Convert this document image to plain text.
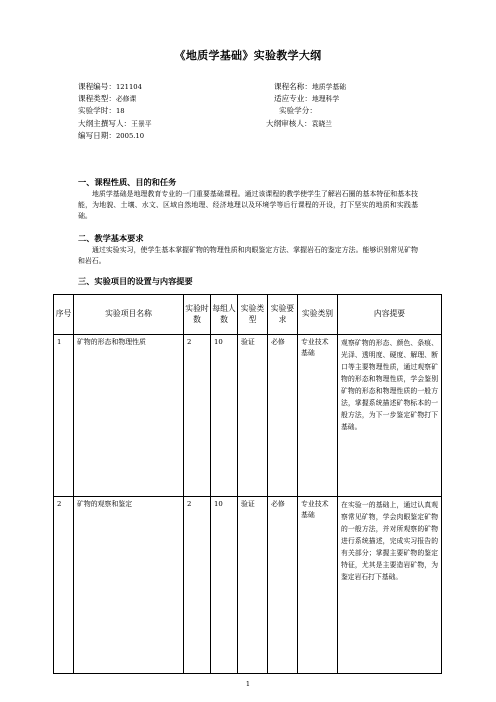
《地质学基础》实验教学大纲
课程编号：121104	课程名称：地质学基础
课程类型：必修课	适应专业：地理科学
实验学时：18	实验学分：
大纲主撰写人：王景平	大纲审核人：袁晓兰
编写日期：2005.10
一、课程性质、目的和任务
地质学基础是地理教育专业的一门重要基础课程。通过该课程的教学使学生了解岩石圈的基本特征和基本技能，为地貌、土壤、水文、区域自然地理、经济地理以及环境学等后行课程的开设，打下坚实的地质和实践基础。
二、教学基本要求
通过实验实习，使学生基本掌握矿物的物理性质和肉眼鉴定方法、掌握岩石的鉴定方法。能够识别常见矿物和岩石。
三、实验项目的设置与内容提要
序号	实验项目名称	实验时数	每组人数	实验类型	实验要求	实验类别	内容提要
1	矿物的形态和物理性质	2	10	验证	必修	专业技术基础	观察矿物的形态、颜色、条痕、光泽、透明度、硬度、解理、断口等主要物理性质，通过观察矿物的形态和物理性质，学会鉴别矿物的形态和物理性质的一般方法，掌握系统描述矿物标本的一般方法，为下一步鉴定矿物打下基础。
2	矿物的观察和鉴定	2	10	验证	必修	专业技术基础	在实验一的基础上，通过认真观察常见矿物，学会肉眼鉴定矿物的一般方法，并对所观察的矿物进行系统描述，完成实习报告的有关部分；掌握主要矿物的鉴定特征，尤其是主要造岩矿物，为鉴定岩石打下基础。
1
